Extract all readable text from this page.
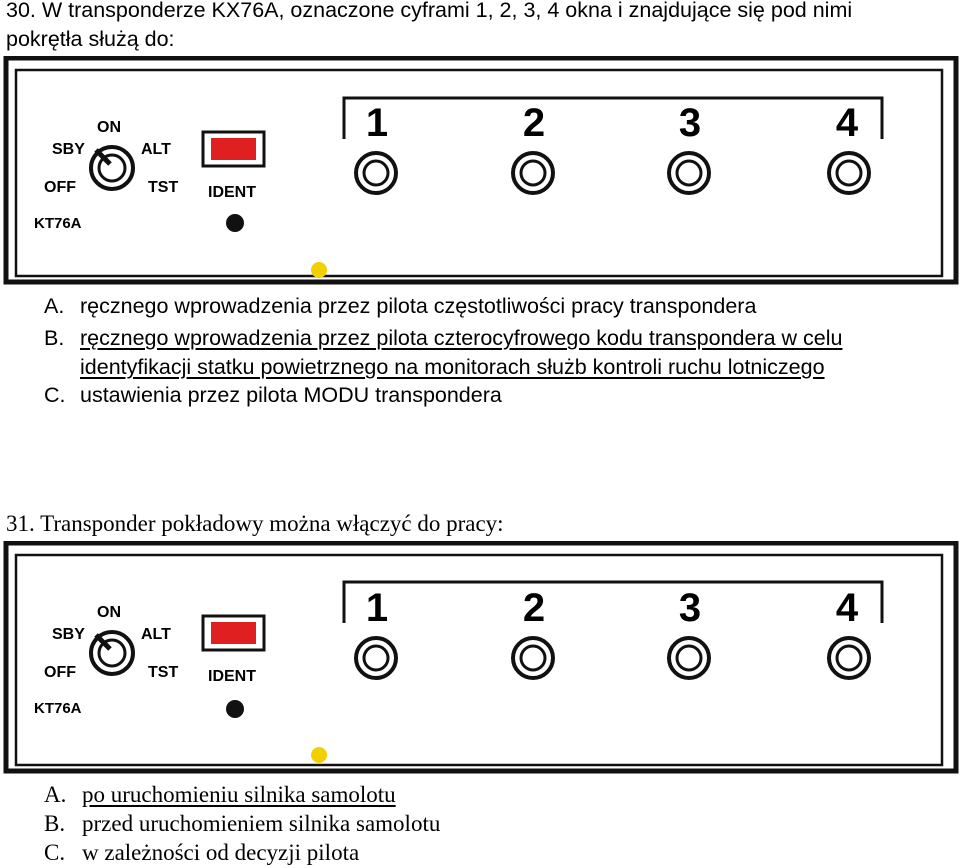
30. W transponderze KX76A, oznaczone cyframi 1, 2, 3, 4 okna i znajdujące się pod nimi
pokrętła służą do:
1	2	3	4
ON
SBY	ALT
OFF	TST IDENT
KT76A
A. ręcznego wprowadzenia przez pilota częstotliwości pracy transpondera
B. ręcznego wprowadzenia przez pilota czterocyfrowego kodu transpondera w celu
identyfikacji statku powietrznego na monitorach służb kontroli ruchu lotniczego
C. ustawienia przez pilota MODU transpondera
31. Transponder pokładowy można włączyć do pracy:
1	2	3	4
ON
SBY	ALT
OFF	TST IDENT
KT76A
A. po uruchomieniu silnika samolotu
B. przed uruchomieniem silnika samolotu
C. w zależności od decyzji pilota
